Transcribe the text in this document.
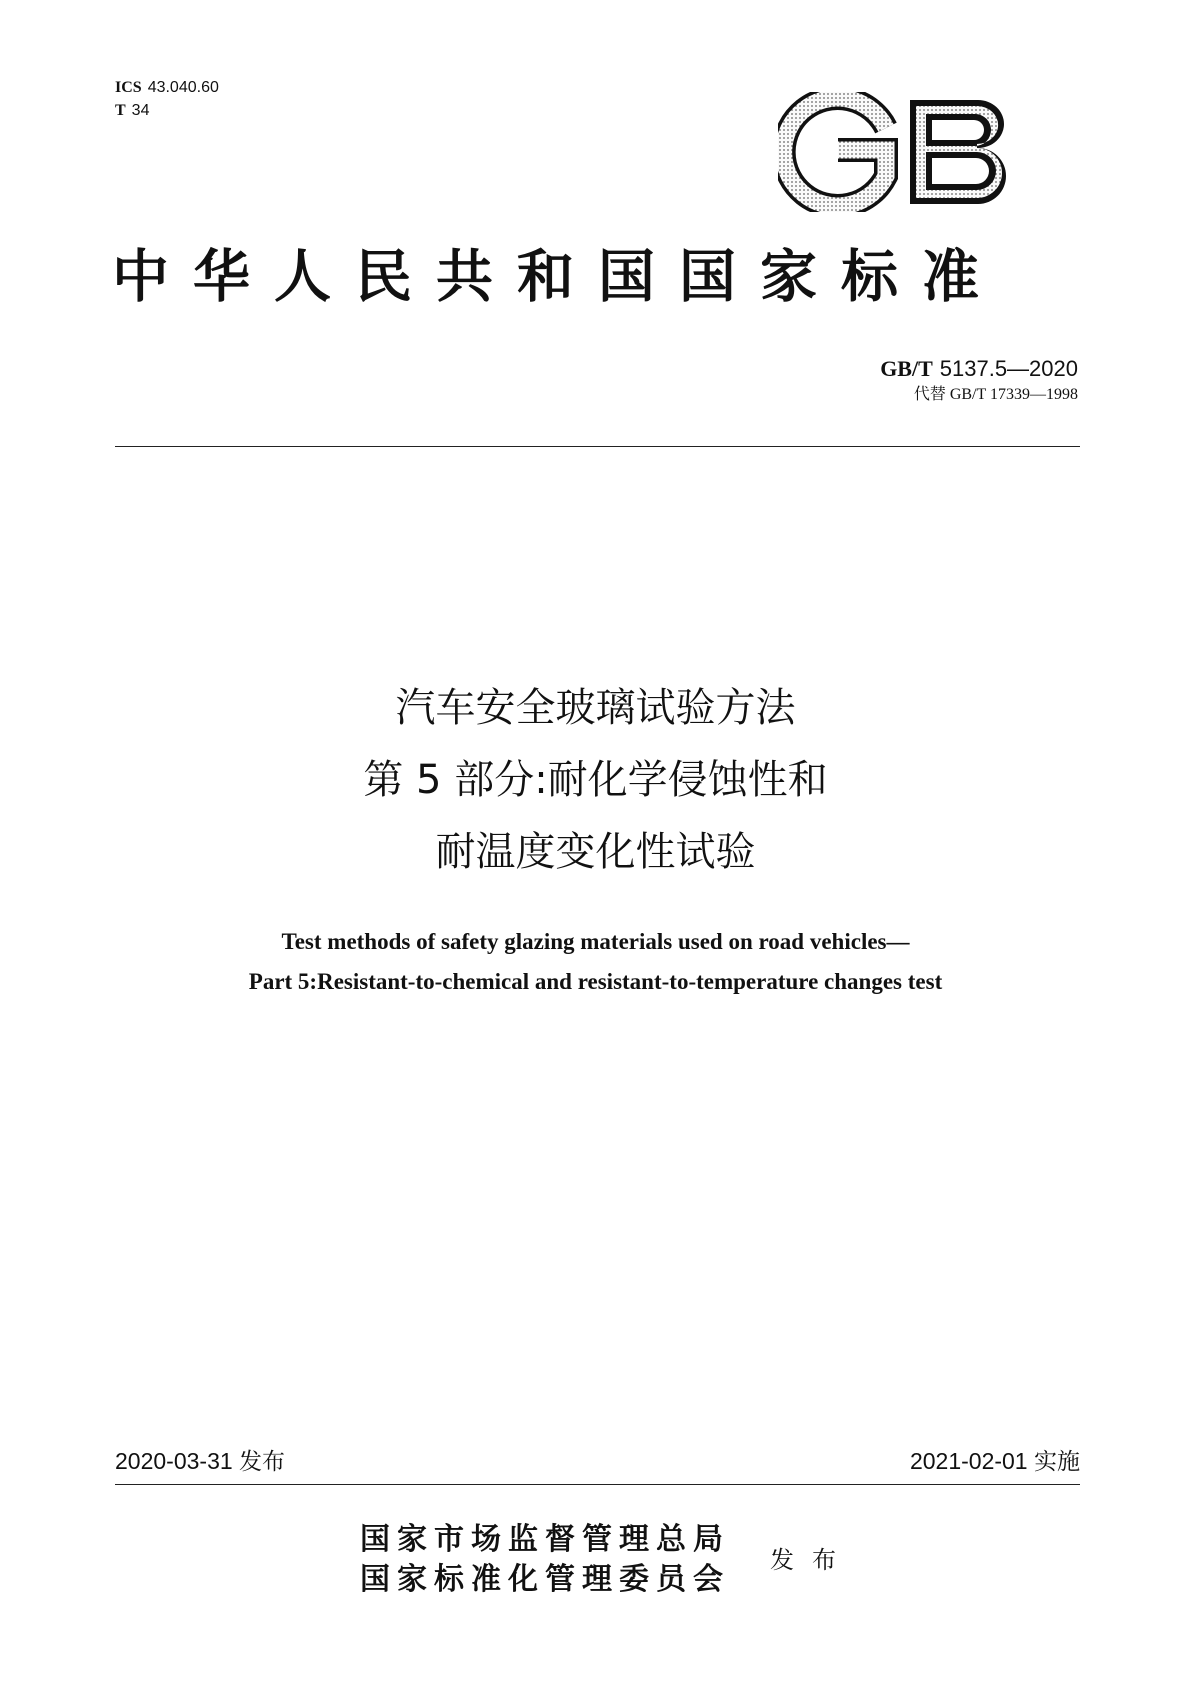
ICS 43.040.60
T 34
中华人民共和国国家标准
GB/T 5137.5—2020
代替 GB/T 17339—1998
汽车安全玻璃试验方法
第 5 部分:耐化学侵蚀性和
耐温度变化性试验
Test methods of safety glazing materials used on road vehicles—
Part 5:Resistant-to-chemical and resistant-to-temperature changes test
2020-03-31 发布	2021-02-01 实施
国家市场监督管理总局
国家标准化管理委员会
发布
